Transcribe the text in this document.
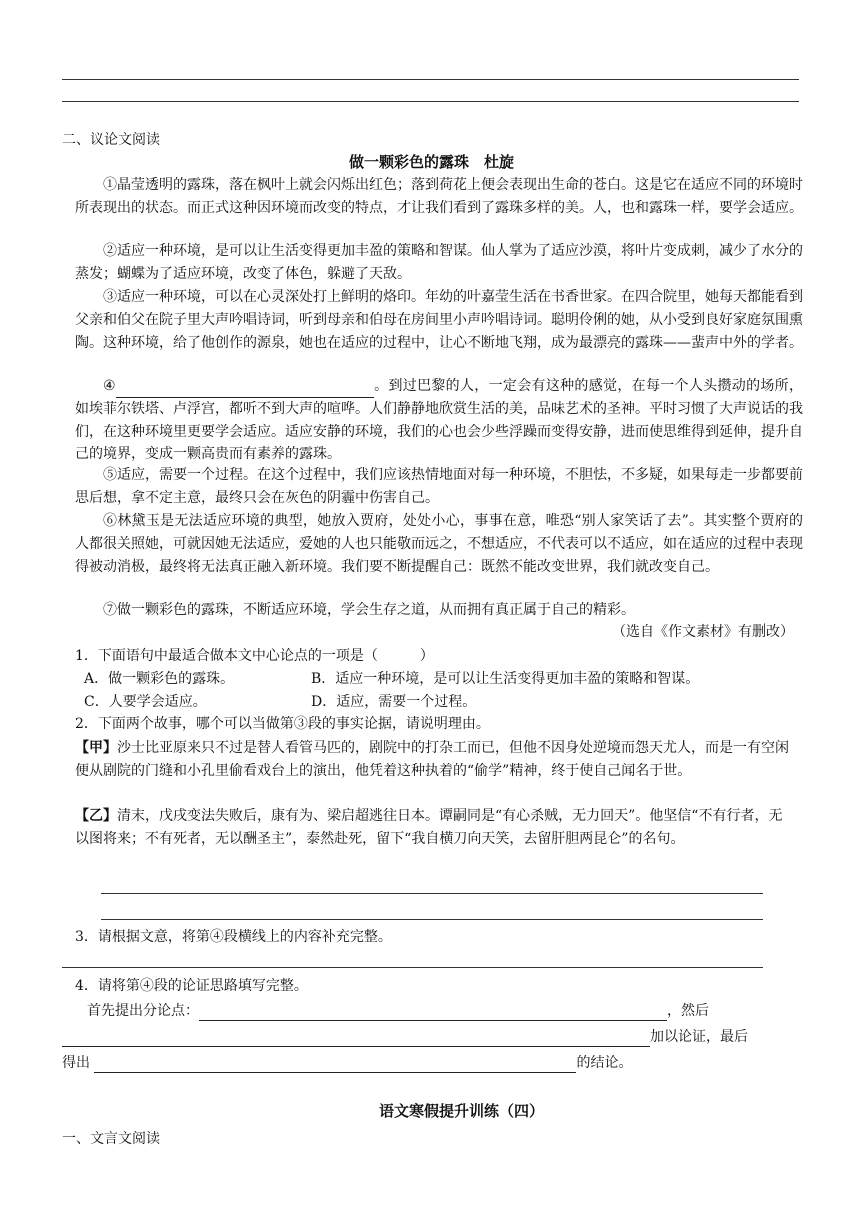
二、议论文阅读
做一颗彩色的露珠　杜旋
①晶莹透明的露珠，落在枫叶上就会闪烁出红色；落到荷花上便会表现出生命的苍白。这是它在适应不同的环境时所表现出的状态。而正式这种因环境而改变的特点，才让我们看到了露珠多样的美。人，也和露珠一样，要学会适应。
②适应一种环境，是可以让生活变得更加丰盈的策略和智谋。仙人掌为了适应沙漠，将叶片变成刺，减少了水分的蒸发；蝴蝶为了适应环境，改变了体色，躲避了天敌。
③适应一种环境，可以在心灵深处打上鲜明的烙印。年幼的叶嘉莹生活在书香世家。在四合院里，她每天都能看到父亲和伯父在院子里大声吟唱诗词，听到母亲和伯母在房间里小声吟唱诗词。聪明伶俐的她，从小受到良好家庭氛围熏陶。这种环境，给了他创作的源泉，她也在适应的过程中，让心不断地飞翔，成为最漂亮的露珠——蜚声中外的学者。
④	。到过巴黎的人，一定会有这种的感觉，在每一个人头攒动的场所，如埃菲尔铁塔、卢浮宫，都听不到大声的喧哗。人们静静地欣赏生活的美，品味艺术的圣神。平时习惯了大声说话的我们，在这种环境里更要学会适应。适应安静的环境，我们的心也会少些浮躁而变得安静，进而使思维得到延伸，提升自己的境界，变成一颗高贵而有素养的露珠。
⑤适应，需要一个过程。在这个过程中，我们应该热情地面对每一种环境，不胆怯，不多疑，如果每走一步都要前思后想，拿不定主意，最终只会在灰色的阴霾中伤害自己。
⑥林黛玉是无法适应环境的典型，她放入贾府，处处小心，事事在意，唯恐“别人家笑话了去”。其实整个贾府的人都很关照她，可就因她无法适应，爱她的人也只能敬而远之，不想适应，不代表可以不适应，如在适应的过程中表现得被动消极，最终将无法真正融入新环境。我们要不断提醒自己：既然不能改变世界，我们就改变自己。
⑦做一颗彩色的露珠，不断适应环境，学会生存之道，从而拥有真正属于自己的精彩。
（选自《作文素材》有删改）
1．下面语句中最适合做本文中心论点的一项是（　　　）
A．做一颗彩色的露珠。	B．适应一种环境，是可以让生活变得更加丰盈的策略和智谋。
C．人要学会适应。	D．适应，需要一个过程。
2．下面两个故事，哪个可以当做第③段的事实论据，请说明理由。
【甲】沙士比亚原来只不过是替人看管马匹的，剧院中的打杂工而已，但他不因身处逆境而怨天尤人，而是一有空闲便从剧院的门缝和小孔里偷看戏台上的演出，他凭着这种执着的“偷学”精神，终于使自己闻名于世。
【乙】清末，戊戌变法失败后，康有为、梁启超逃往日本。谭嗣同是“有心杀贼，无力回天”。他坚信“不有行者，无以图将来；不有死者，无以酬圣主”，泰然赴死，留下“我自横刀向天笑，去留肝胆两昆仑”的名句。
3．请根据文意，将第④段横线上的内容补充完整。
4．请将第④段的论证思路填写完整。
首先提出分论点：	，然后
加以论证，最后
得出	的结论。
语文寒假提升训练（四）
一、文言文阅读
